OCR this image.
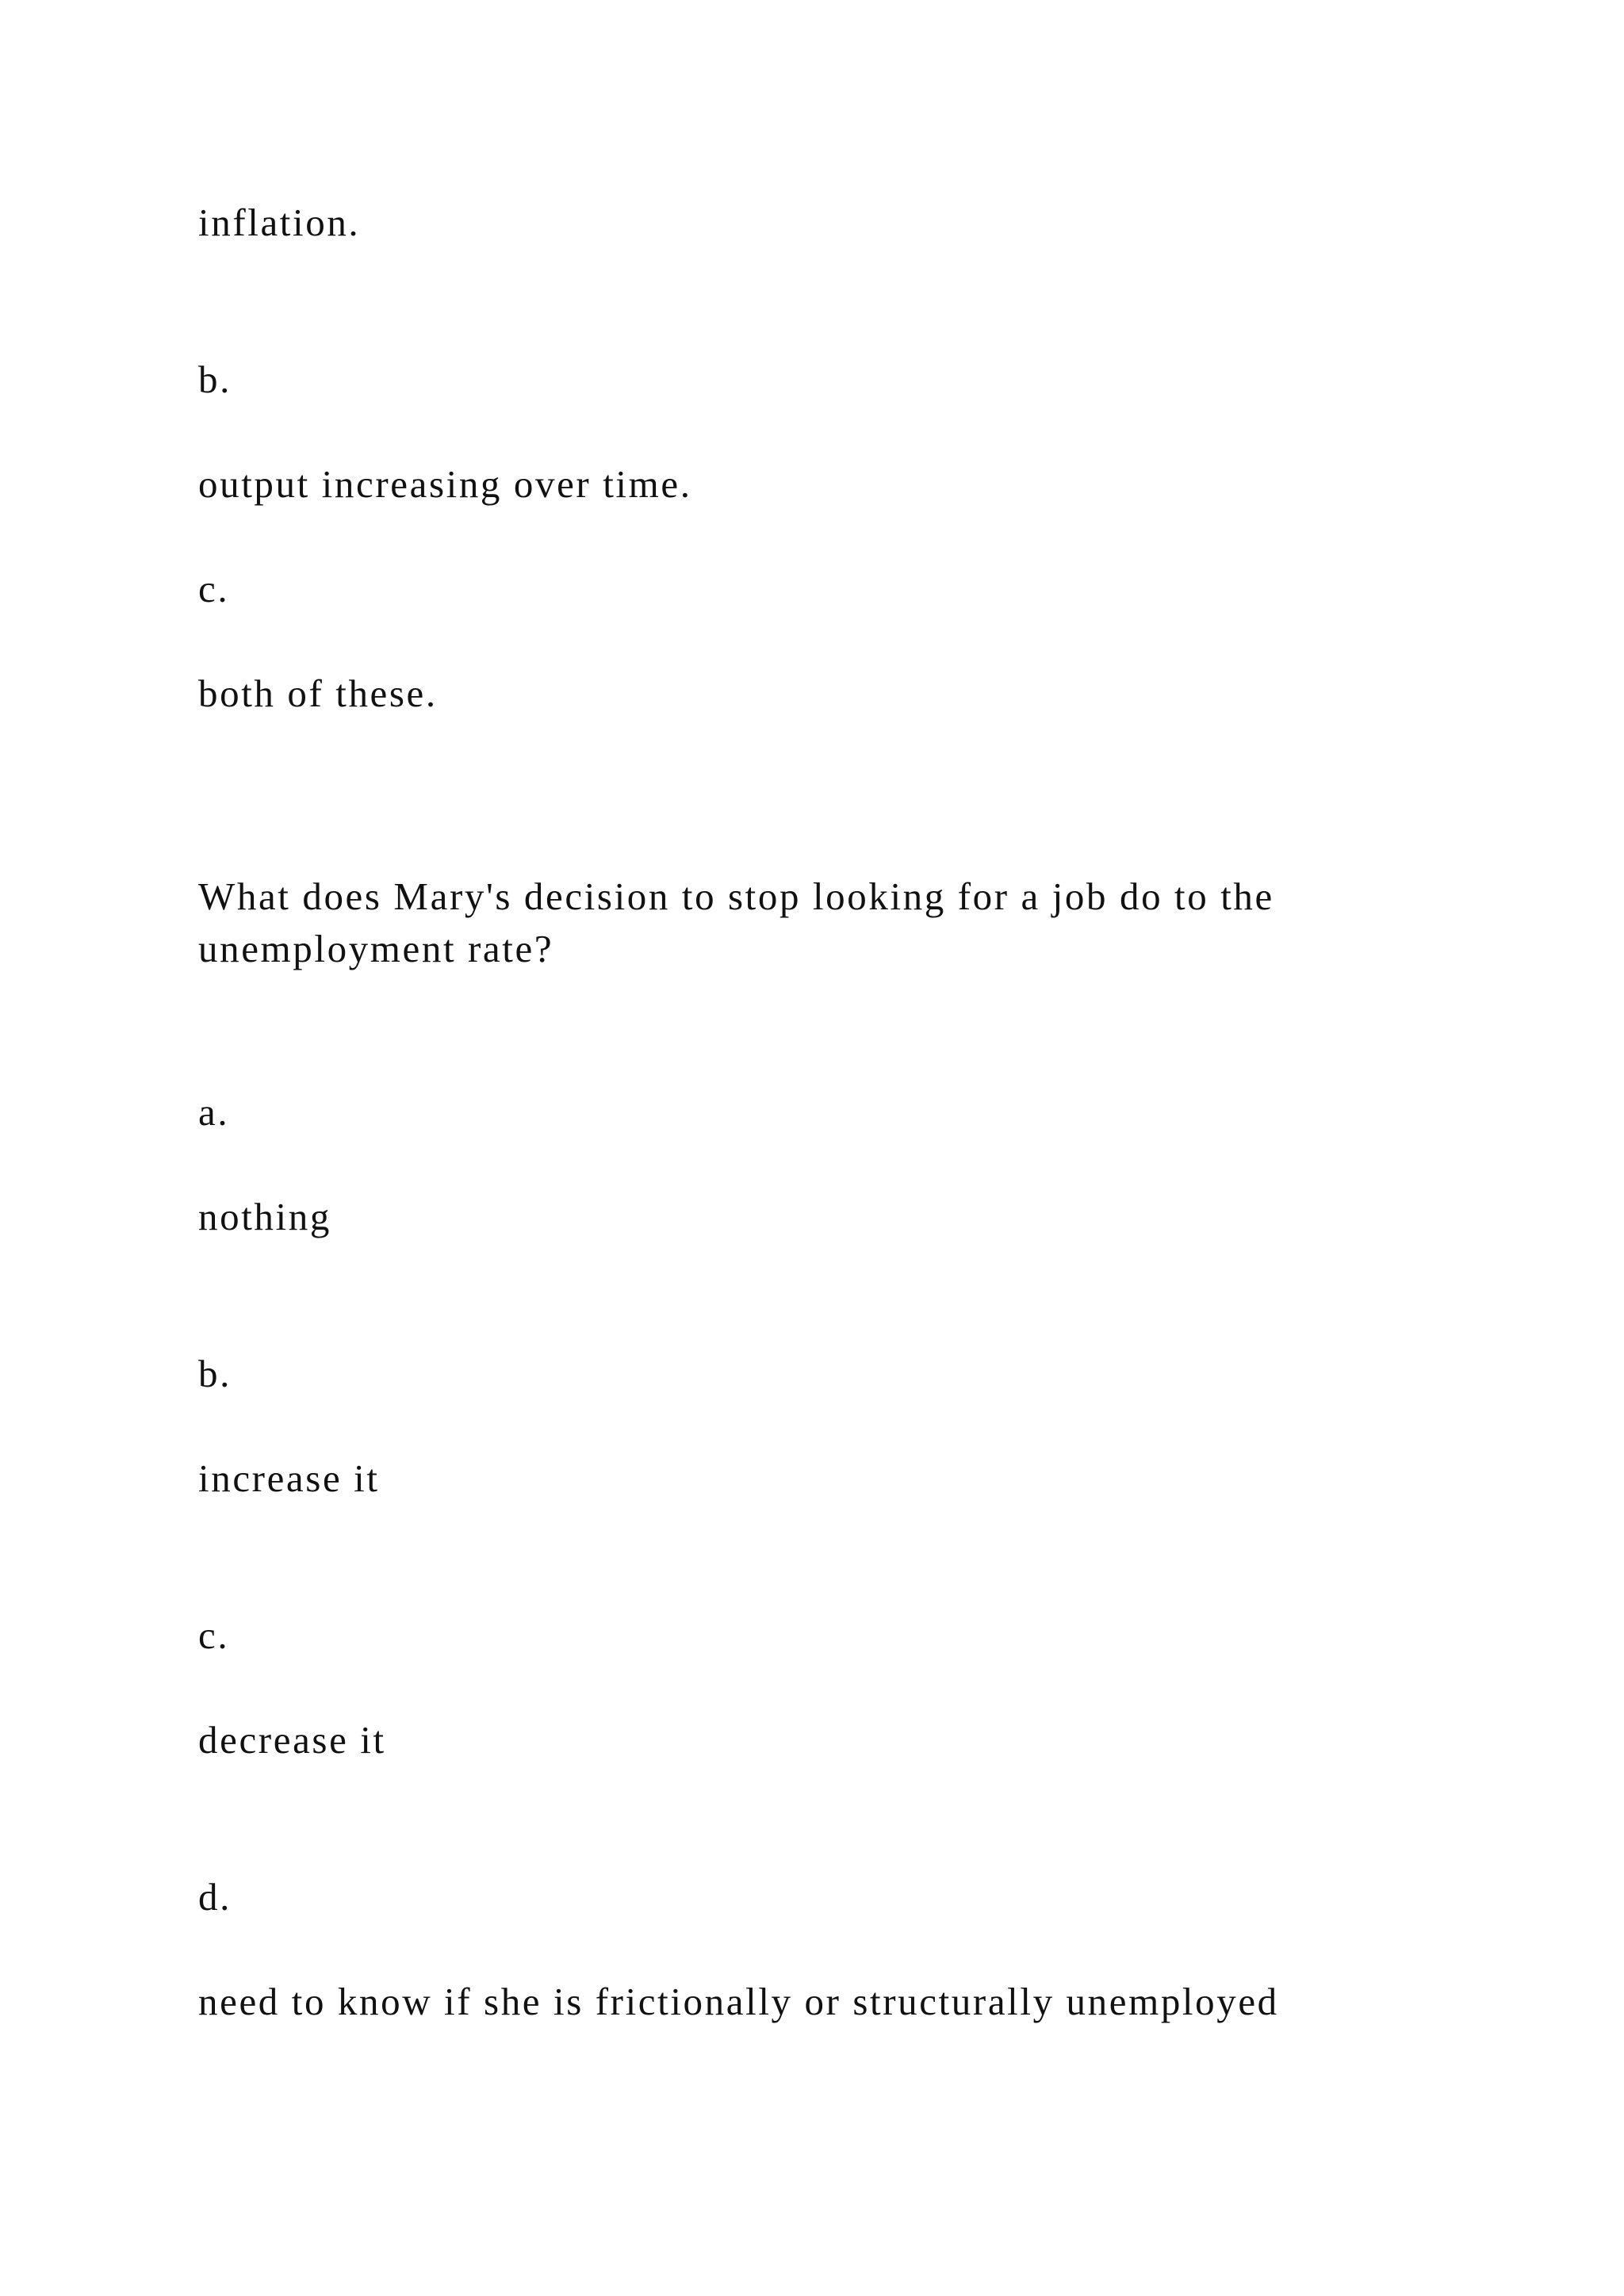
inflation.

b.

output increasing over time.

c.

both of these.

What does Mary's decision to stop looking for a job do to the
unemployment rate?

a.

nothing

b.

increase it

c.

decrease it

d.

need to know if she is frictionally or structurally unemployed
